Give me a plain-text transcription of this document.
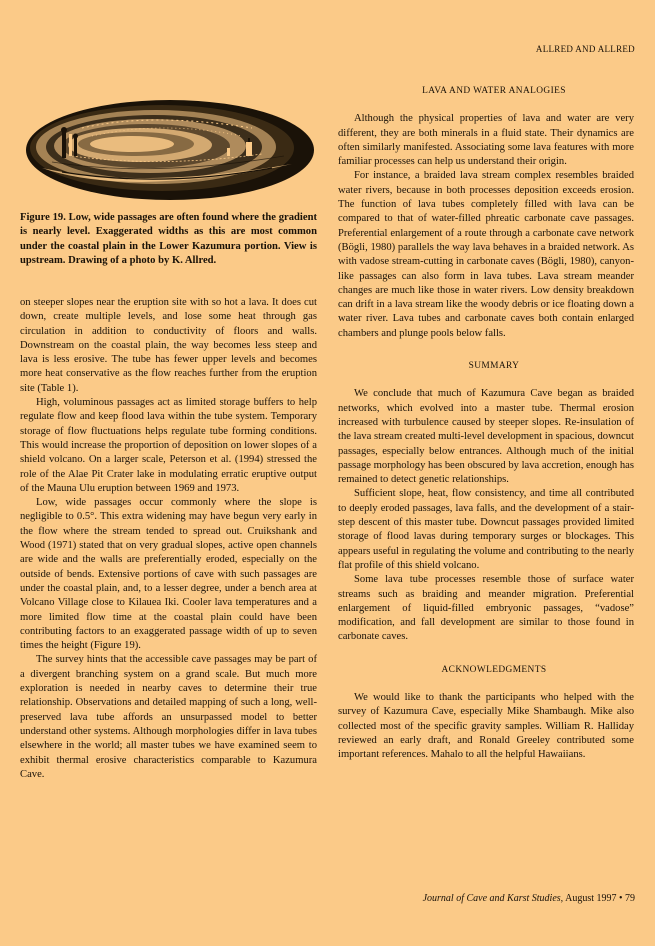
ALLRED AND ALLRED
Figure 19. Low, wide passages are often found where the gradient is nearly level. Exaggerated widths as this are most common under the coastal plain in the Lower Kazumura portion. View is upstream. Drawing of a photo by K. Allred.

on steeper slopes near the eruption site with so hot a lava. It does cut down, create multiple levels, and lose some heat through gas circulation in addition to conductivity of floors and walls. Downstream on the coastal plain, the way becomes less steep and lava is less erosive. The tube has fewer upper levels and becomes more heat conservative as the flow reaches further from the eruption site (Table 1).

High, voluminous passages act as limited storage buffers to help regulate flow and keep flood lava within the tube system. Temporary storage of flow fluctuations helps regulate tube forming conditions. This would increase the proportion of deposition on lower slopes of a shield volcano. On a larger scale, Peterson et al. (1994) stressed the role of the Alae Pit Crater lake in modulating erratic eruptive output of the Mauna Ulu eruption between 1969 and 1973.

Low, wide passages occur commonly where the slope is negligible to 0.5°. This extra widening may have begun very early in the flow where the stream tended to spread out. Cruikshank and Wood (1971) stated that on very gradual slopes, active open channels are wide and the walls are preferentially eroded, especially on the outside of bends. Extensive portions of cave with such passages are under the coastal plain, and, to a lesser degree, under a bench area at Volcano Village close to Kilauea Iki. Cooler lava temperatures and a more limited flow time at the coastal plain could have been contributing factors to an exaggerated passage width of up to seven times the height (Figure 19).

The survey hints that the accessible cave passages may be part of a divergent branching system on a grand scale. But much more exploration is needed in nearby caves to determine their true relationship. Observations and detailed mapping of such a long, well-preserved lava tube affords an unsurpassed model to better understand other systems. Although morphologies differ in lava tubes elsewhere in the world; all master tubes we have examined seem to exhibit thermal erosive characteristics comparable to Kazumura Cave.

LAVA AND WATER ANALOGIES

Although the physical properties of lava and water are very different, they are both minerals in a fluid state. Their dynamics are often similarly manifested. Associating some lava features with more familiar processes can help us understand their origin.

For instance, a braided lava stream complex resembles braided water rivers, because in both processes deposition exceeds erosion. The function of lava tubes completely filled with lava can be compared to that of water-filled phreatic carbonate cave passages. Preferential enlargement of a route through a carbonate cave network (Bögli, 1980) parallels the way lava behaves in a braided network. As with vadose stream-cutting in carbonate caves (Bögli, 1980), canyon-like passages can also form in lava tubes. Lava stream meander changes are much like those in water rivers. Low density breakdown can drift in a lava stream like the woody debris or ice floating down a water river. Lava tubes and carbonate caves both contain enlarged chambers and plunge pools below falls.

SUMMARY

We conclude that much of Kazumura Cave began as braided networks, which evolved into a master tube. Thermal erosion increased with turbulence caused by steeper slopes. Re-insulation of the lava stream created multi-level development in spacious, downcut passages, especially below entrances. Although much of the initial passage morphology has been obscured by lava accretion, enough has remained to detect genetic relationships.

Sufficient slope, heat, flow consistency, and time all contributed to deeply eroded passages, lava falls, and the development of a stair-step descent of this master tube. Downcut passages provided limited storage of flood lavas during temporary surges or blockages. This appears useful in regulating the volume and contributing to the nearly flat profile of this shield volcano.

Some lava tube processes resemble those of surface water streams such as braiding and meander migration. Preferential enlargement of liquid-filled embryonic passages, “vadose” modification, and fall development are similar to those found in carbonate caves.

ACKNOWLEDGMENTS

We would like to thank the participants who helped with the survey of Kazumura Cave, especially Mike Shambaugh. Mike also collected most of the specific gravity samples. William R. Halliday reviewed an early draft, and Ronald Greeley contributed some important references. Mahalo to all the helpful Hawaiians.

Journal of Cave and Karst Studies, August 1997 • 79
